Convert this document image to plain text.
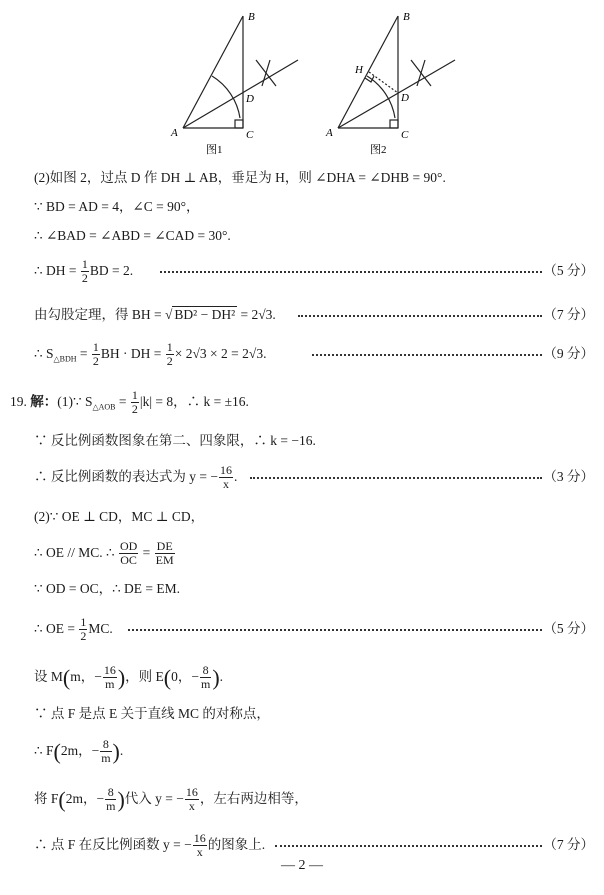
B
D
A	C
图1
B
H
D
A	C
图2
(2)如图 2，过点 D 作 DH ⊥ AB，垂足为 H，则 ∠DHA = ∠DHB = 90°.
∵ BD = AD = 4，∠C = 90°，
∴ ∠BAD = ∠ABD = ∠CAD = 30°.
∴ DH = $\frac{1}{2}$ BD = 2.	（5 分）
由勾股定理，得 BH = √ BD² − DH² = 2√3.	（7 分）
∴ $S_{\triangle BDH} = \frac{1}{2}$ BH · DH = $\frac{1}{2} \times 2√3 \times 2 = 2√3$.	（9 分）
19. 解：(1)∵ $S_{\triangle AOB} = \frac{1}{2} |k| = 8$，∴ k = ±16.
∵ 反比例函数图象在第二、四象限，∴ k = −16.
∴ 反比例函数的表达式为 y = − $\frac{16}{x}$ .	（3 分）
(2)∵ OE ⊥ CD，MC ⊥ CD，
∴ OE // MC. ∴ $\frac{OD}{OC} = \frac{DE}{EM}$
∵ OD = OC，∴ DE = EM.
∴ OE = $\frac{1}{2}$ MC.	（5 分）
设 M(m，− $\frac{16}{m}$ )，则 E(0，− $\frac{8}{m}$ ).
∵ 点 F 是点 E 关于直线 MC 的对称点，
∴ F(2m，− $\frac{8}{m}$ ).
将 F(2m，− $\frac{8}{m}$ )代入 y = − $\frac{16}{x}$ ，左右两边相等，
∴ 点 F 在反比例函数 y = − $\frac{16}{x}$ 的图象上.	（7 分）
— 2 —
